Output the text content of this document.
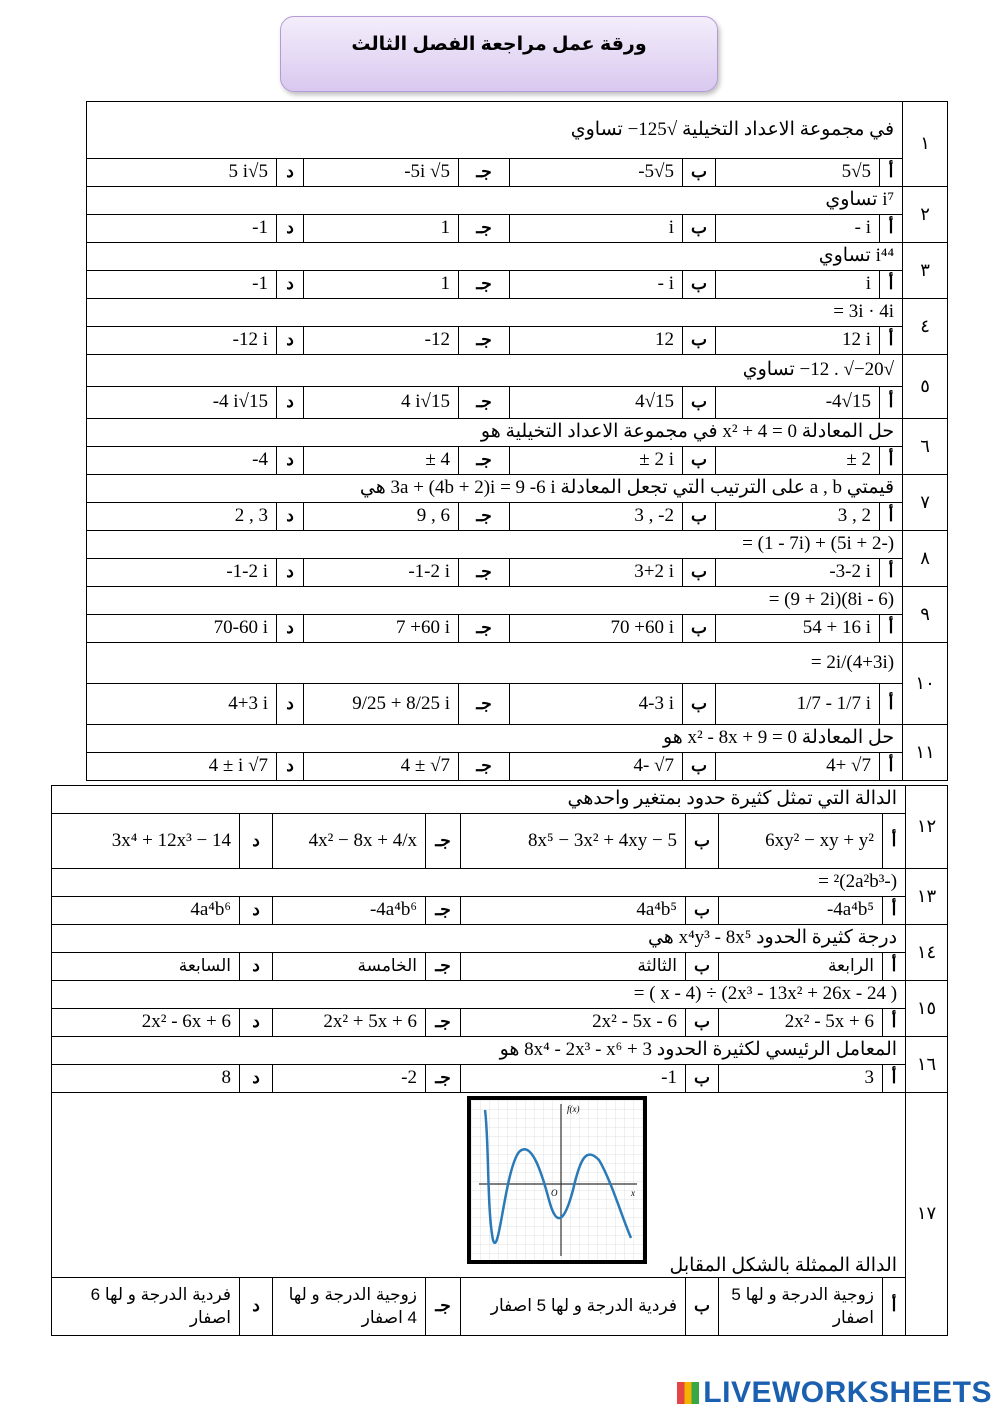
ورقة عمل مراجعة الفصل الثالث
في مجموعة الاعداد التخيلية √‎−125 تساوي								١
5 i√5	د	-5i √5	جـ	-5√5	ب	5√5	أ	
i⁷ تساوي								٢
-1	د	1	جـ	i	ب	- i	أ	
i⁴⁴ تساوي								٣
-1	د	1	جـ	- i	ب	i	أ	
3i · 4i =								٤
-12 i	د	-12	جـ	12	ب	12 i	أ	
√‎−12 . √‎−20 تساوي								٥
-4 i√15	د	4 i√15	جـ	4√15	ب	-4√15	أ	
حل المعادلة x² + 4 = 0 في مجموعة الاعداد التخيلية هو								٦
-4	د	± 4	جـ	± 2 i	ب	± 2	أ	
قيمتي a , b على الترتيب التي تجعل المعادلة 3a + (4b + 2)i = 9 -6 i هي								٧
2 , 3	د	9 , 6	جـ	3 , -2	ب	3 , 2	أ	
(-2 + 5i) + (1 - 7i) =								٨
-1-2 i	د	-1-2 i	جـ	3+2 i	ب	-3-2 i	أ	
(6 - 8i)(9 + 2i) =								٩
70-60 i	د	7 +60 i	جـ	70 +60 i	ب	54 + 16 i	أ	
2i/(4+3i) =								١٠
4+3 i	د	9/25 + 8/25 i	جـ	4-3 i	ب	1/7 - 1/7 i	أ	
حل المعادلة x² - 8x + 9 = 0 هو								١١
4 ± i √7	د	4 ± √7	جـ	4- √7	ب	4+ √7	أ	
الدالة التي تمثل كثيرة حدود بمتغير واحدهي								١٢
3x⁴ + 12x³ − 14	د	4x² − 8x + 4/x	جـ	8x⁵ − 3x² + 4xy − 5	ب	6xy² − xy + y²	أ	
(-2a²b³)² =								١٣
4a⁴b⁶	د	-4a⁴b⁶	جـ	4a⁴b⁵	ب	-4a⁴b⁵	أ	
درجة كثيرة الحدود x⁴y³ - 8x⁵ هي								١٤
السابعة	د	الخامسة	جـ	الثالثة	ب	الرابعة	أ	
( 2x³ - 13x² + 26x - 24) ÷ (x - 4 ) =								١٥
2x² - 6x + 6	د	2x² + 5x + 6	جـ	2x² - 5x - 6	ب	2x² - 5x + 6	أ	
المعامل الرئيسي لكثيرة الحدود 8x⁴ - 2x³ - x⁶ + 3 هو								١٦
8	د	-2	جـ	-1	ب	3	أ	
الدالة الممثلة بالشكل المقابل								١٧
فردية الدرجة و لها 6 اصفار	د	زوجية الدرجة و لها 4 اصفار	جـ	فردية الدرجة و لها 5 اصفار	ب	زوجية الدرجة و لها 5 اصفار	أ	
f(x)
x
O
LIVEWORKSHEETS
